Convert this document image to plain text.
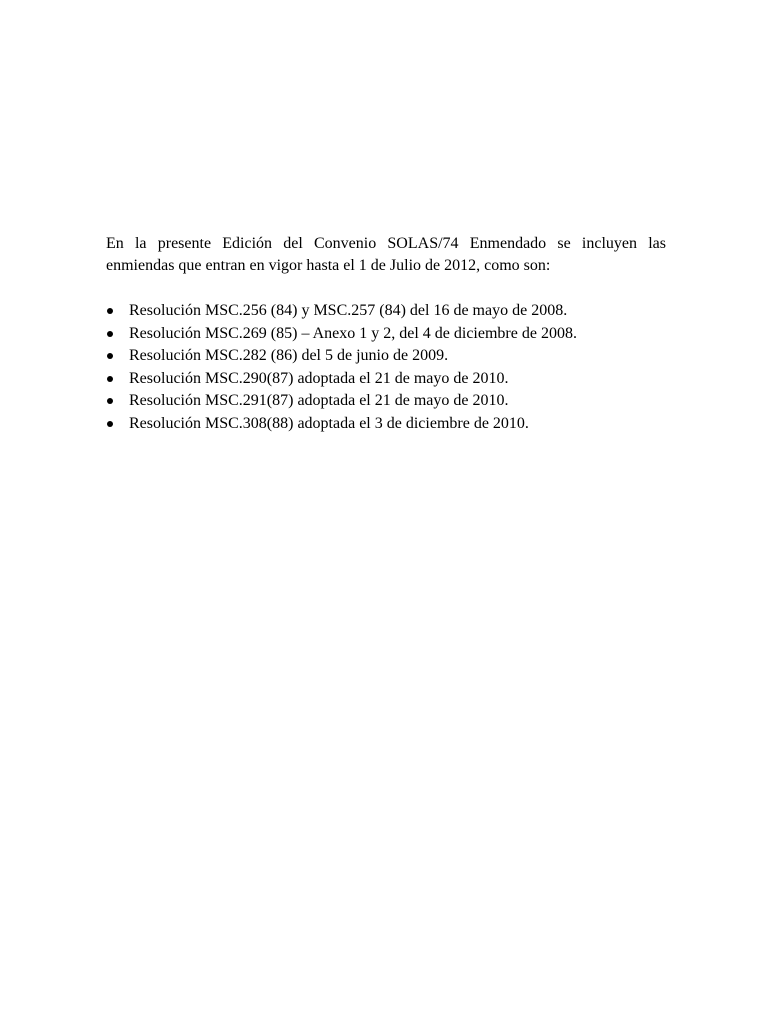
En la presente Edición del Convenio SOLAS/74 Enmendado se incluyen las
enmiendas que entran en vigor hasta el 1 de Julio de 2012, como son:

Resolución MSC.256 (84) y MSC.257 (84) del 16 de mayo de 2008.
Resolución MSC.269 (85) – Anexo 1 y 2, del 4 de diciembre de 2008.
Resolución MSC.282 (86) del 5 de junio de 2009.
Resolución MSC.290(87) adoptada el 21 de mayo de 2010.
Resolución MSC.291(87) adoptada el 21 de mayo de 2010.
Resolución MSC.308(88) adoptada el 3 de diciembre de 2010.
